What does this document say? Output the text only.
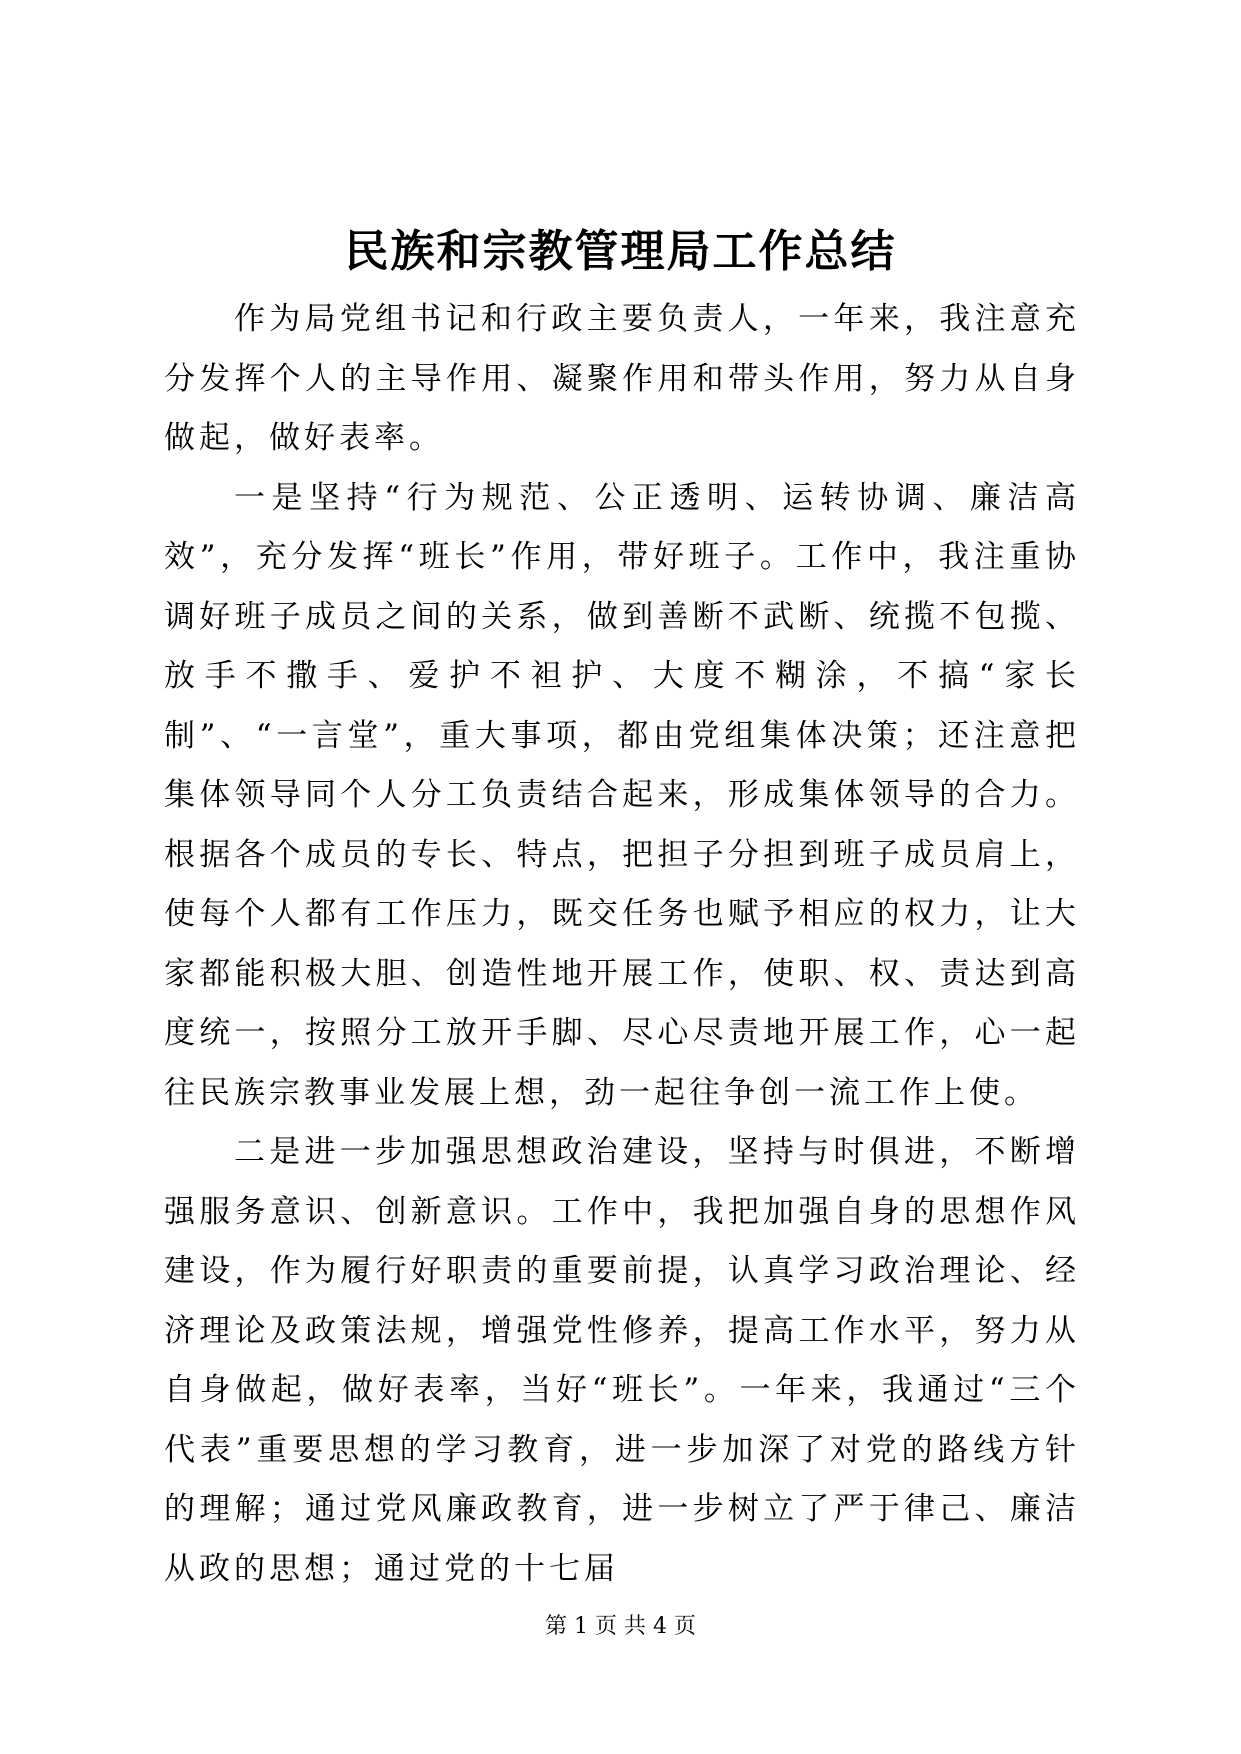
民族和宗教管理局工作总结

作为局党组书记和行政主要负责人，一年来，我注意充分发挥个人的主导作用、凝聚作用和带头作用，努力从自身做起，做好表率。

一是坚持“行为规范、公正透明、运转协调、廉洁高效”，充分发挥“班长”作用，带好班子。工作中，我注重协调好班子成员之间的关系，做到善断不武断、统揽不包揽、放手不撒手、爱护不袒护、大度不糊涂，不搞“家长制”、“一言堂”，重大事项，都由党组集体决策；还注意把集体领导同个人分工负责结合起来，形成集体领导的合力。根据各个成员的专长、特点，把担子分担到班子成员肩上，使每个人都有工作压力，既交任务也赋予相应的权力，让大家都能积极大胆、创造性地开展工作，使职、权、责达到高度统一，按照分工放开手脚、尽心尽责地开展工作，心一起往民族宗教事业发展上想，劲一起往争创一流工作上使。

二是进一步加强思想政治建设，坚持与时俱进，不断增强服务意识、创新意识。工作中，我把加强自身的思想作风建设，作为履行好职责的重要前提，认真学习政治理论、经济理论及政策法规，增强党性修养，提高工作水平，努力从自身做起，做好表率，当好“班长”。一年来，我通过“三个代表”重要思想的学习教育，进一步加深了对党的路线方针的理解；通过党风廉政教育，进一步树立了严于律己、廉洁从政的思想；通过党的十七届

第 1 页 共 4 页
